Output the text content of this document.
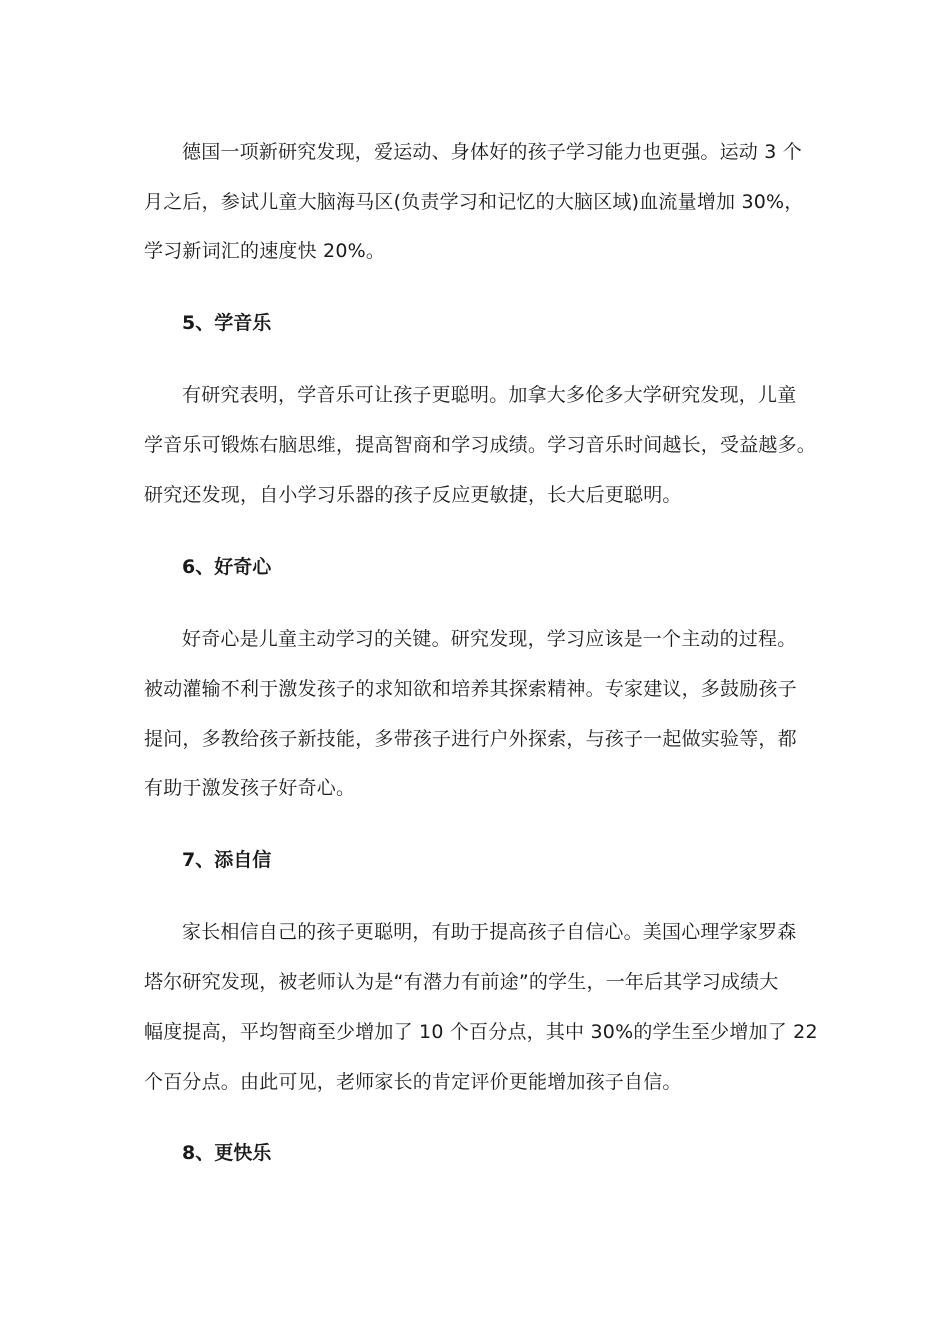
德国一项新研究发现，爱运动、身体好的孩子学习能力也更强。运动 3 个
月之后，参试儿童大脑海马区(负责学习和记忆的大脑区域)血流量增加 30%，
学习新词汇的速度快 20%。
5、学音乐
有研究表明，学音乐可让孩子更聪明。加拿大多伦多大学研究发现，儿童
学音乐可锻炼右脑思维，提高智商和学习成绩。学习音乐时间越长，受益越多。
研究还发现，自小学习乐器的孩子反应更敏捷，长大后更聪明。
6、好奇心
好奇心是儿童主动学习的关键。研究发现，学习应该是一个主动的过程。
被动灌输不利于激发孩子的求知欲和培养其探索精神。专家建议，多鼓励孩子
提问，多教给孩子新技能，多带孩子进行户外探索，与孩子一起做实验等，都
有助于激发孩子好奇心。
7、添自信
家长相信自己的孩子更聪明，有助于提高孩子自信心。美国心理学家罗森
塔尔研究发现，被老师认为是“有潜力有前途”的学生，一年后其学习成绩大
幅度提高，平均智商至少增加了 10 个百分点，其中 30%的学生至少增加了 22
个百分点。由此可见，老师家长的肯定评价更能增加孩子自信。
8、更快乐
